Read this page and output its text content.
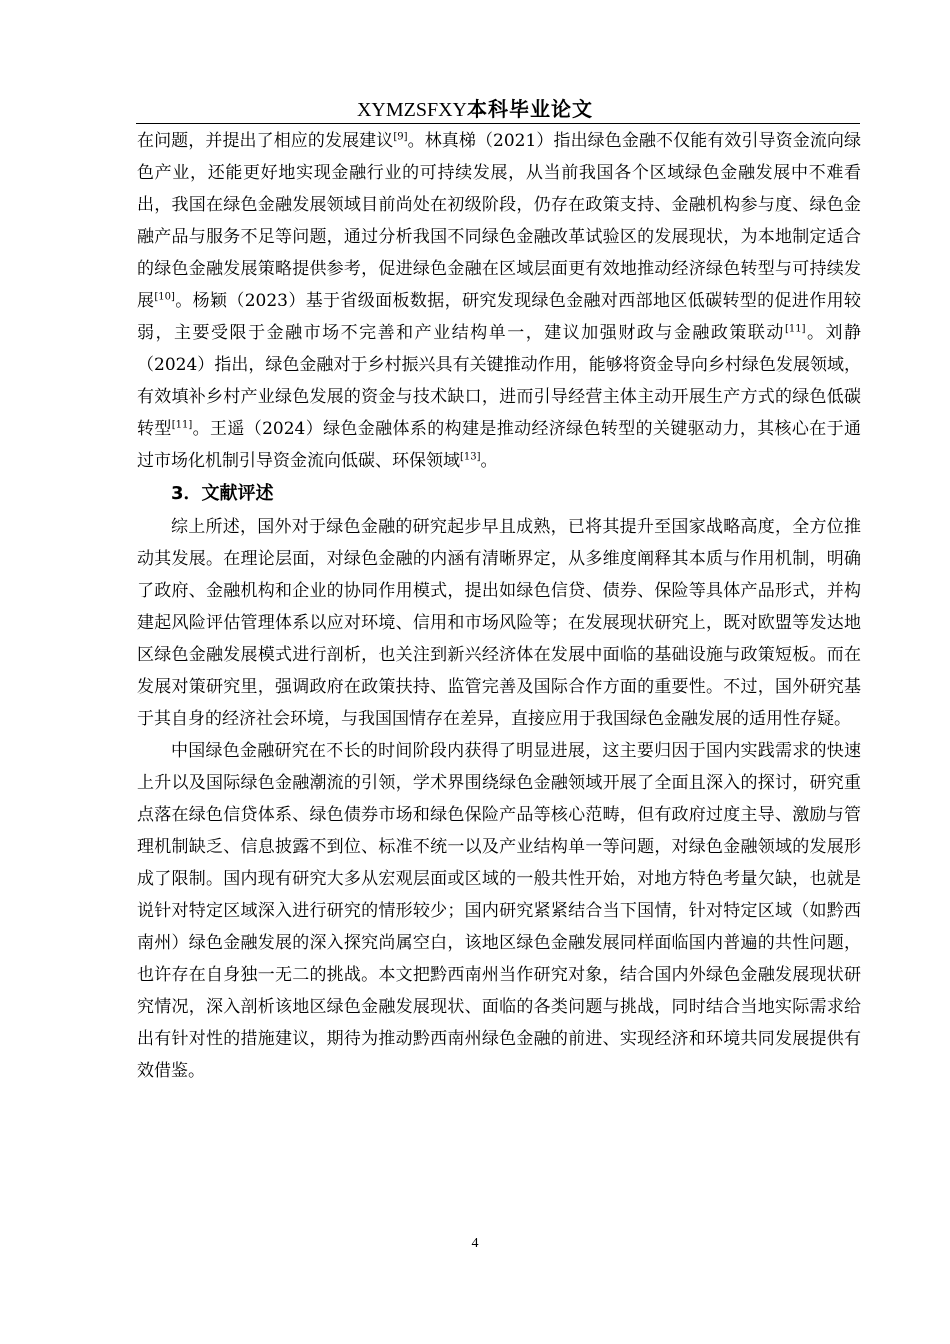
XYMZSFXY本科毕业论文

在问题，并提出了相应的发展建议[9]。林真梯（2021）指出绿色金融不仅能有效引导资金流向绿色产业，还能更好地实现金融行业的可持续发展，从当前我国各个区域绿色金融发展中不难看出，我国在绿色金融发展领域目前尚处在初级阶段，仍存在政策支持、金融机构参与度、绿色金融产品与服务不足等问题，通过分析我国不同绿色金融改革试验区的发展现状，为本地制定适合的绿色金融发展策略提供参考，促进绿色金融在区域层面更有效地推动经济绿色转型与可持续发展[10]。杨颖（2023）基于省级面板数据，研究发现绿色金融对西部地区低碳转型的促进作用较弱，主要受限于金融市场不完善和产业结构单一，建议加强财政与金融政策联动[11]。刘静（2024）指出，绿色金融对于乡村振兴具有关键推动作用，能够将资金导向乡村绿色发展领域，有效填补乡村产业绿色发展的资金与技术缺口，进而引导经营主体主动开展生产方式的绿色低碳转型[11]。王遥（2024）绿色金融体系的构建是推动经济绿色转型的关键驱动力，其核心在于通过市场化机制引导资金流向低碳、环保领域[13]。

3．文献评述

综上所述，国外对于绿色金融的研究起步早且成熟，已将其提升至国家战略高度，全方位推动其发展。在理论层面，对绿色金融的内涵有清晰界定，从多维度阐释其本质与作用机制，明确了政府、金融机构和企业的协同作用模式，提出如绿色信贷、债券、保险等具体产品形式，并构建起风险评估管理体系以应对环境、信用和市场风险等；在发展现状研究上，既对欧盟等发达地区绿色金融发展模式进行剖析，也关注到新兴经济体在发展中面临的基础设施与政策短板。而在发展对策研究里，强调政府在政策扶持、监管完善及国际合作方面的重要性。不过，国外研究基于其自身的经济社会环境，与我国国情存在差异，直接应用于我国绿色金融发展的适用性存疑。

中国绿色金融研究在不长的时间阶段内获得了明显进展，这主要归因于国内实践需求的快速上升以及国际绿色金融潮流的引领，学术界围绕绿色金融领域开展了全面且深入的探讨，研究重点落在绿色信贷体系、绿色债券市场和绿色保险产品等核心范畴，但有政府过度主导、激励与管理机制缺乏、信息披露不到位、标准不统一以及产业结构单一等问题，对绿色金融领域的发展形成了限制。国内现有研究大多从宏观层面或区域的一般共性开始，对地方特色考量欠缺，也就是说针对特定区域深入进行研究的情形较少；国内研究紧紧结合当下国情，针对特定区域（如黔西南州）绿色金融发展的深入探究尚属空白，该地区绿色金融发展同样面临国内普遍的共性问题，也许存在自身独一无二的挑战。本文把黔西南州当作研究对象，结合国内外绿色金融发展现状研究情况，深入剖析该地区绿色金融发展现状、面临的各类问题与挑战，同时结合当地实际需求给出有针对性的措施建议，期待为推动黔西南州绿色金融的前进、实现经济和环境共同发展提供有效借鉴。

4
